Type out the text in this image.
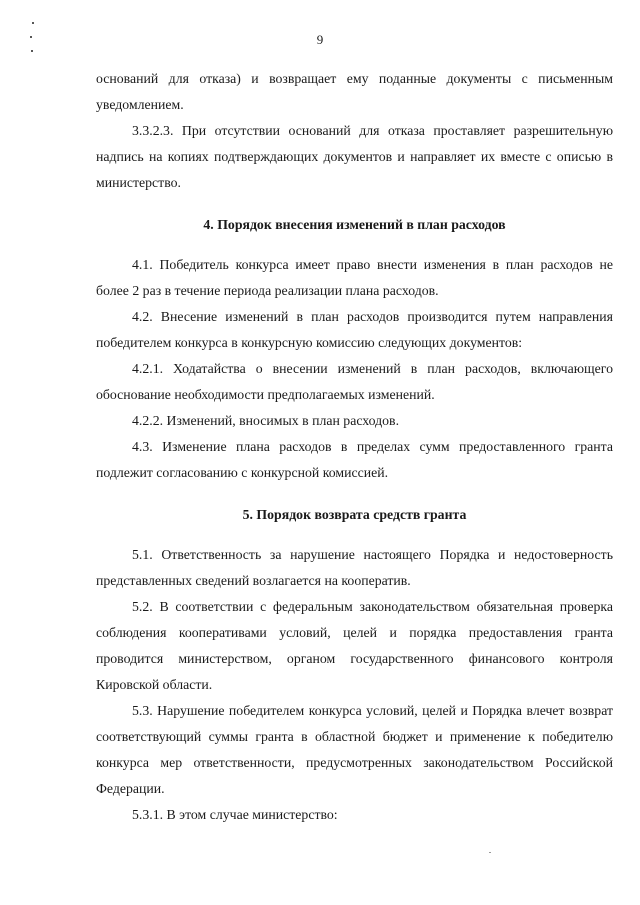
9

оснований для отказа) и возвращает ему поданные документы с письменным уведомлением.

3.3.2.3. При отсутствии оснований для отказа проставляет разрешительную надпись на копиях подтверждающих документов и направляет их вместе с описью в министерство.

4. Порядок внесения изменений в план расходов

4.1. Победитель конкурса имеет право внести изменения в план расходов не более 2 раз в течение периода реализации плана расходов.

4.2. Внесение изменений в план расходов производится путем направления победителем конкурса в конкурсную комиссию следующих документов:

4.2.1. Ходатайства о внесении изменений в план расходов, включающего обоснование необходимости предполагаемых изменений.

4.2.2. Изменений, вносимых в план расходов.

4.3. Изменение плана расходов в пределах сумм предоставленного гранта подлежит согласованию с конкурсной комиссией.

5. Порядок возврата средств гранта

5.1. Ответственность за нарушение настоящего Порядка и недостоверность представленных сведений возлагается на кооператив.

5.2. В соответствии с федеральным законодательством обязательная проверка соблюдения кооперативами условий, целей и порядка предоставления гранта проводится министерством, органом государственного финансового контроля Кировской области.

5.3. Нарушение победителем конкурса условий, целей и Порядка влечет возврат соответствующий суммы гранта в областной бюджет и применение к победителю конкурса мер ответственности, предусмотренных законодательством Российской Федерации.

5.3.1. В этом случае министерство:
